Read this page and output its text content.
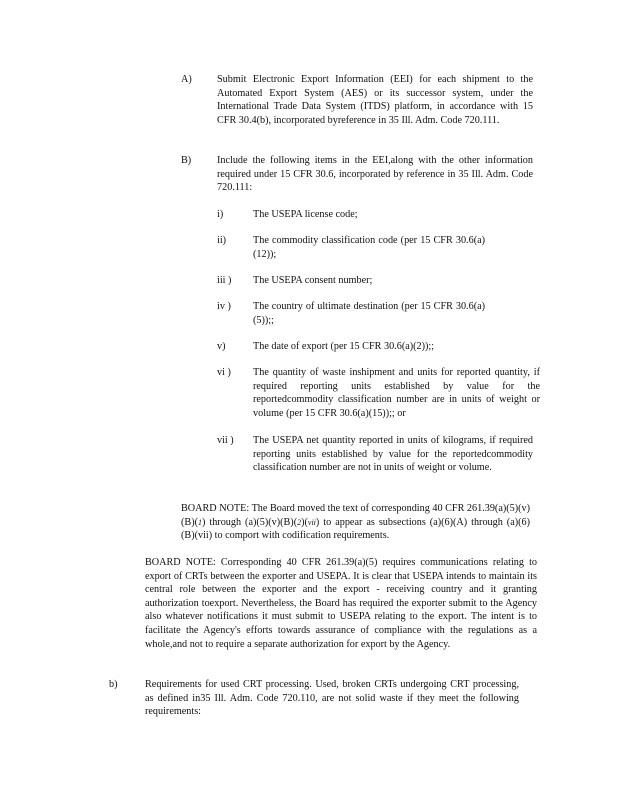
A) Submit Electronic Export Information (EEI) for each shipment to the Automated Export System (AES) or its successor system, under the International Trade Data System (ITDS) platform, in accordance with 15 CFR 30.4(b), incorporated byreference in 35 Ill. Adm. Code 720.111.
B)	Include the following items in the EEI,along with the other information required under 15 CFR 30.6, incorporated by reference in 35 Ill. Adm. Code 720.111:
i)	The USEPA license code;
ii)	The commodity classification code (per 15 CFR 30.6(a)(12));
iii ) The USEPA consent number;
iv ) The country of ultimate destination (per 15 CFR 30.6(a)(5));;
v)	The date of export (per 15 CFR 30.6(a)(2));;
vi ) The quantity of waste inshipment and units for reported quantity, if required reporting units established by value for the reportedcommodity classification number are in units of weight or volume (per 15 CFR 30.6(a)(15));; or
vii ) The USEPA net quantity reported in units of kilograms, if required reporting units established by value for the reportedcommodity classification number are not in units of weight or volume.
BOARD NOTE: The Board moved the text of corresponding 40 CFR 261.39(a)(5)(v)(B)(1) through (a)(5)(v)(B)(2)(vii) to appear as subsections (a)(6)(A) through (a)(6)(B)(vii) to comport with codification requirements.
BOARD NOTE: Corresponding 40 CFR 261.39(a)(5) requires communications relating to export of CRTs between the exporter and USEPA. It is clear that USEPA intends to maintain its central role between the exporter and the export - receiving country and it granting authorization toexport. Nevertheless, the Board has required the exporter submit to the Agency also whatever notifications it must submit to USEPA relating to the export. The intent is to facilitate the Agency's efforts towards assurance of compliance with the regulations as a whole,and not to require a separate authorization for export by the Agency.
b)	Requirements for used CRT processing. Used, broken CRTs undergoing CRT processing, as defined in35 Ill. Adm. Code 720.110, are not solid waste if they meet the following requirements:
